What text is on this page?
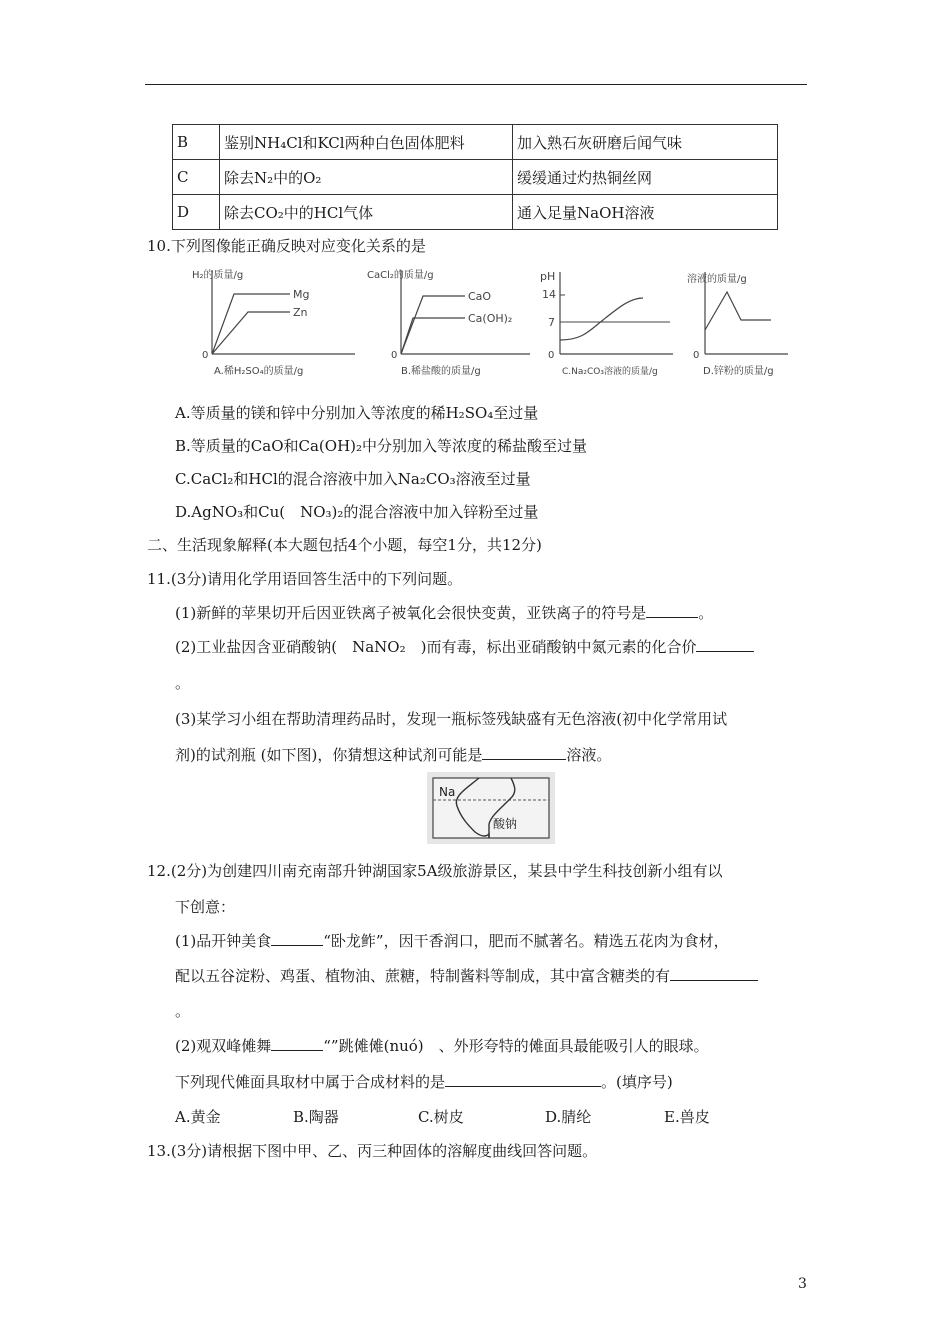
B	鉴别NH₄Cl和KCl两种白色固体肥料	加入熟石灰研磨后闻气味
C	除去N₂中的O₂	缓缓通过灼热铜丝网
D	除去CO₂中的HCl气体	通入足量NaOH溶液
10.下列图像能正确反映对应变化关系的是
H₂的质量/g
0
Mg
Zn
A.稀H₂SO₄的质量/g
CaCl₂的质量/g
0
CaO
Ca(OH)₂
B.稀盐酸的质量/g
pH
14
7
0
C.Na₂CO₃溶液的质量/g
溶液的质量/g
0
D.锌粉的质量/g
A.等质量的镁和锌中分别加入等浓度的稀H₂SO₄至过量
B.等质量的CaO和Ca(OH)₂中分别加入等浓度的稀盐酸至过量
C.CaCl₂和HCl的混合溶液中加入Na₂CO₃溶液至过量
D.AgNO₃和Cu(　NO₃)₂的混合溶液中加入锌粉至过量
二、生活现象解释(本大题包括4个小题，每空1分，共12分)
11.(3分)请用化学用语回答生活中的下列问题。
(1)新鲜的苹果切开后因亚铁离子被氧化会很快变黄，亚铁离子的符号是	。
(2)工业盐因含亚硝酸钠(　NaNO₂　)而有毒，标出亚硝酸钠中氮元素的化合价
。
(3)某学习小组在帮助清理药品时，发现一瓶标签残缺盛有无色溶液(初中化学常用试
剂)的试剂瓶 (如下图)，你猜想这种试剂可能是	溶液。
Na
酸钠
12.(2分)为创建四川南充南部升钟湖国家5A级旅游景区，某县中学生科技创新小组有以
下创意：
(1)品开钟美食	“卧龙鲊”，因干香润口，肥而不腻著名。精选五花肉为食材，
配以五谷淀粉、鸡蛋、植物油、蔗糖，特制酱料等制成，其中富含糖类的有
。
(2)观双峰傩舞	“”跳傩傩(nuó)　、外形夸特的傩面具最能吸引人的眼球。
下列现代傩面具取材中属于合成材料的是	。(填序号)
A.黄金	B.陶器	C.树皮	D.腈纶	E.兽皮
13.(3分)请根据下图中甲、乙、丙三种固体的溶解度曲线回答问题。
3
